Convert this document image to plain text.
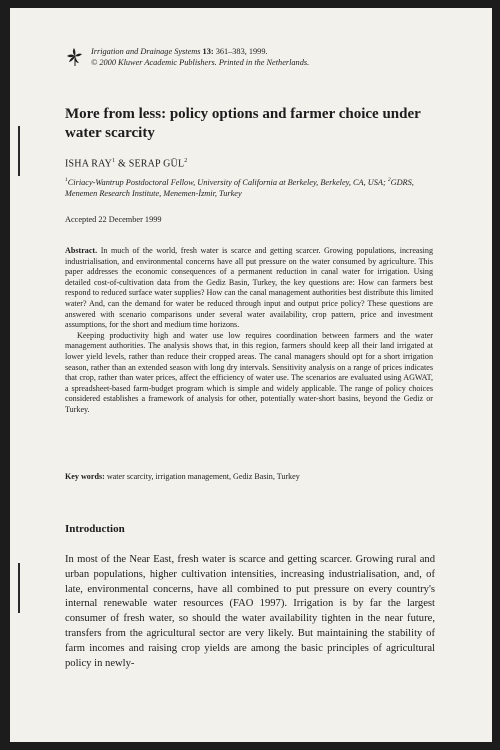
Irrigation and Drainage Systems 13: 361–383, 1999.
© 2000 Kluwer Academic Publishers. Printed in the Netherlands.
More from less: policy options and farmer choice under water scarcity
ISHA RAY$^1$ & SERAP GÜL$^2$
$^1$Ciriacy-Wantrup Postdoctoral Fellow, University of California at Berkeley, Berkeley, CA, USA; $^2$GDRS, Menemen Research Institute, Menemen-İzmir, Turkey
Accepted 22 December 1999

Abstract. In much of the world, fresh water is scarce and getting scarcer. Growing populations, increasing industrialisation, and environmental concerns have all put pressure on the water consumed by agriculture. This paper addresses the economic consequences of a permanent reduction in canal water for irrigation. Using detailed cost-of-cultivation data from the Gediz Basin, Turkey, the key questions are: How can farmers best respond to reduced surface water supplies? How can the canal management authorities best distribute this limited water? And, can the demand for water be reduced through input and output price policy? These questions are answered with scenario comparisons under several water availability, crop pattern, price and investment assumptions, for the short and medium time horizons.

Keeping productivity high and water use low requires coordination between farmers and the water management authorities. The analysis shows that, in this region, farmers should keep all their land irrigated at lower yield levels, rather than reduce their cropped areas. The canal managers should opt for a short irrigation season, rather than an extended season with long dry intervals. Sensitivity analysis on a range of prices indicates that crop, rather than water prices, affect the efficiency of water use. The scenarios are evaluated using AGWAT, a spreadsheet-based farm-budget program which is simple and widely applicable. The range of policy choices considered establishes a framework of analysis for other, potentially water-short basins, beyond the Gediz or Turkey.

Key words: water scarcity, irrigation management, Gediz Basin, Turkey
Introduction

In most of the Near East, fresh water is scarce and getting scarcer. Growing rural and urban populations, higher cultivation intensities, increasing industrialisation, and, of late, environmental concerns, have all combined to put pressure on every country's internal renewable water resources (FAO 1997). Irrigation is by far the largest consumer of fresh water, so should the water availability tighten in the near future, transfers from the agricultural sector are very likely. But maintaining the stability of farm incomes and raising crop yields are among the basic principles of agricultural policy in newly-
